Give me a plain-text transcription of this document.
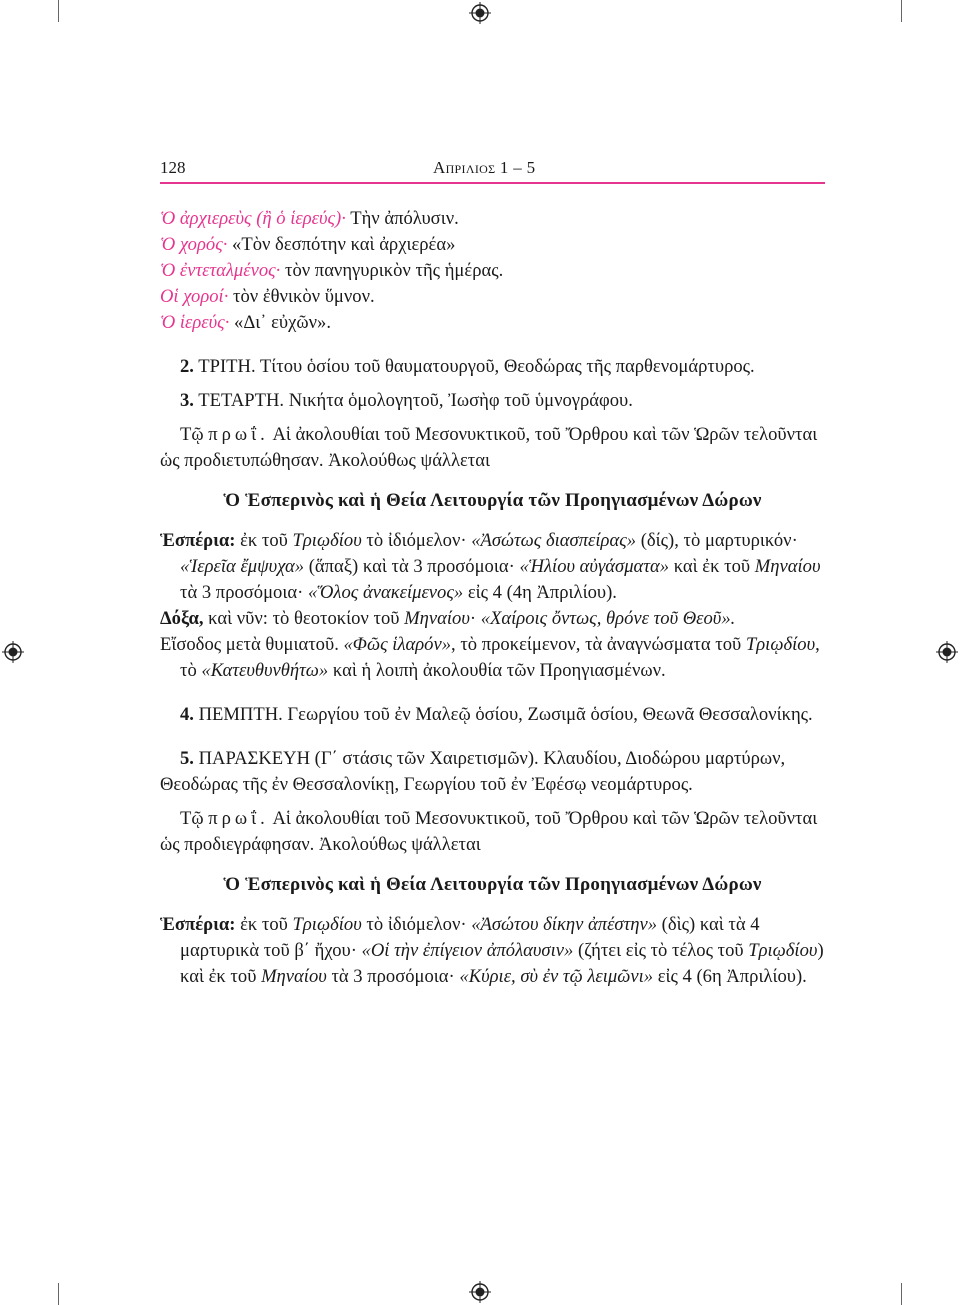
128	Απριλιος 1 – 5

Ὁ ἀρχιερεὺς (ἢ ὁ ἱερεύς)· Τὴν ἀπόλυσιν.

Ὁ χορός· «Τὸν δεσπότην καὶ ἀρχιερέα»

Ὁ ἐντεταλμένος· τὸν πανηγυρικὸν τῆς ἡμέρας.

Οἱ χοροί· τὸν ἐθνικὸν ὕμνον.

Ὁ ἱερεύς· «Δι᾿ εὐχῶν».

2. ΤΡΙΤΗ. Τίτου ὁσίου τοῦ θαυματουργοῦ, Θεοδώρας τῆς παρθενομάρτυρος.

3. ΤΕΤΑΡΤΗ. Νικήτα ὁμολογητοῦ, Ἰωσὴφ τοῦ ὑμνογράφου.

Τῷ πρωΐ. Αἱ ἀκολουθίαι τοῦ Μεσονυκτικοῦ, τοῦ Ὄρθρου καὶ τῶν Ὡρῶν τελοῦνται ὡς προδιετυπώθησαν. Ἀκολούθως ψάλλεται

Ὁ Ἑσπερινὸς καὶ ἡ Θεία Λειτουργία τῶν Προηγιασμένων Δώρων

Ἑσπέρια: ἐκ τοῦ Τριῳδίου τὸ ἰδιόμελον· «Ἀσώτως διασπείρας» (δίς), τὸ μαρτυρικόν· «Ἱερεῖα ἔμψυχα» (ἅπαξ) καὶ τὰ 3 προσόμοια· «Ἡλίου αὐγάσματα» καὶ ἐκ τοῦ Μηναίου τὰ 3 προσόμοια· «Ὅλος ἀνακείμενος» εἰς 4 (4η Ἀπριλίου).

Δόξα, καὶ νῦν: τὸ θεοτοκίον τοῦ Μηναίου· «Χαίροις ὄντως, θρόνε τοῦ Θεοῦ».

Εἴσοδος μετὰ θυμιατοῦ. «Φῶς ἱλαρόν», τὸ προκείμενον, τὰ ἀναγνώσματα τοῦ Τριῳδίου, τὸ «Κατευθυνθήτω» καὶ ἡ λοιπὴ ἀκολουθία τῶν Προηγιασμένων.

4. ΠΕΜΠΤΗ. Γεωργίου τοῦ ἐν Μαλεῷ ὁσίου, Ζωσιμᾶ ὁσίου, Θεωνᾶ Θεσσαλονίκης.

5. ΠΑΡΑΣΚΕΥΗ (Γ΄ στάσις τῶν Χαιρετισμῶν). Κλαυδίου, Διοδώρου μαρτύρων, Θεοδώρας τῆς ἐν Θεσσαλονίκῃ, Γεωργίου τοῦ ἐν Ἐφέσῳ νεομάρτυρος.

Τῷ πρωΐ. Αἱ ἀκολουθίαι τοῦ Μεσονυκτικοῦ, τοῦ Ὄρθρου καὶ τῶν Ὡρῶν τελοῦνται ὡς προδιεγράφησαν. Ἀκολούθως ψάλλεται

Ὁ Ἑσπερινὸς καὶ ἡ Θεία Λειτουργία τῶν Προηγιασμένων Δώρων

Ἑσπέρια: ἐκ τοῦ Τριῳδίου τὸ ἰδιόμελον· «Ἀσώτου δίκην ἀπέστην» (δὶς) καὶ τὰ 4 μαρτυρικὰ τοῦ β΄ ἤχου· «Οἱ τὴν ἐπίγειον ἀπόλαυσιν» (ζήτει εἰς τὸ τέλος τοῦ Τριῳδίου) καὶ ἐκ τοῦ Μηναίου τὰ 3 προσόμοια· «Κύριε, σὺ ἐν τῷ λειμῶνι» εἰς 4 (6η Ἀπριλίου).
